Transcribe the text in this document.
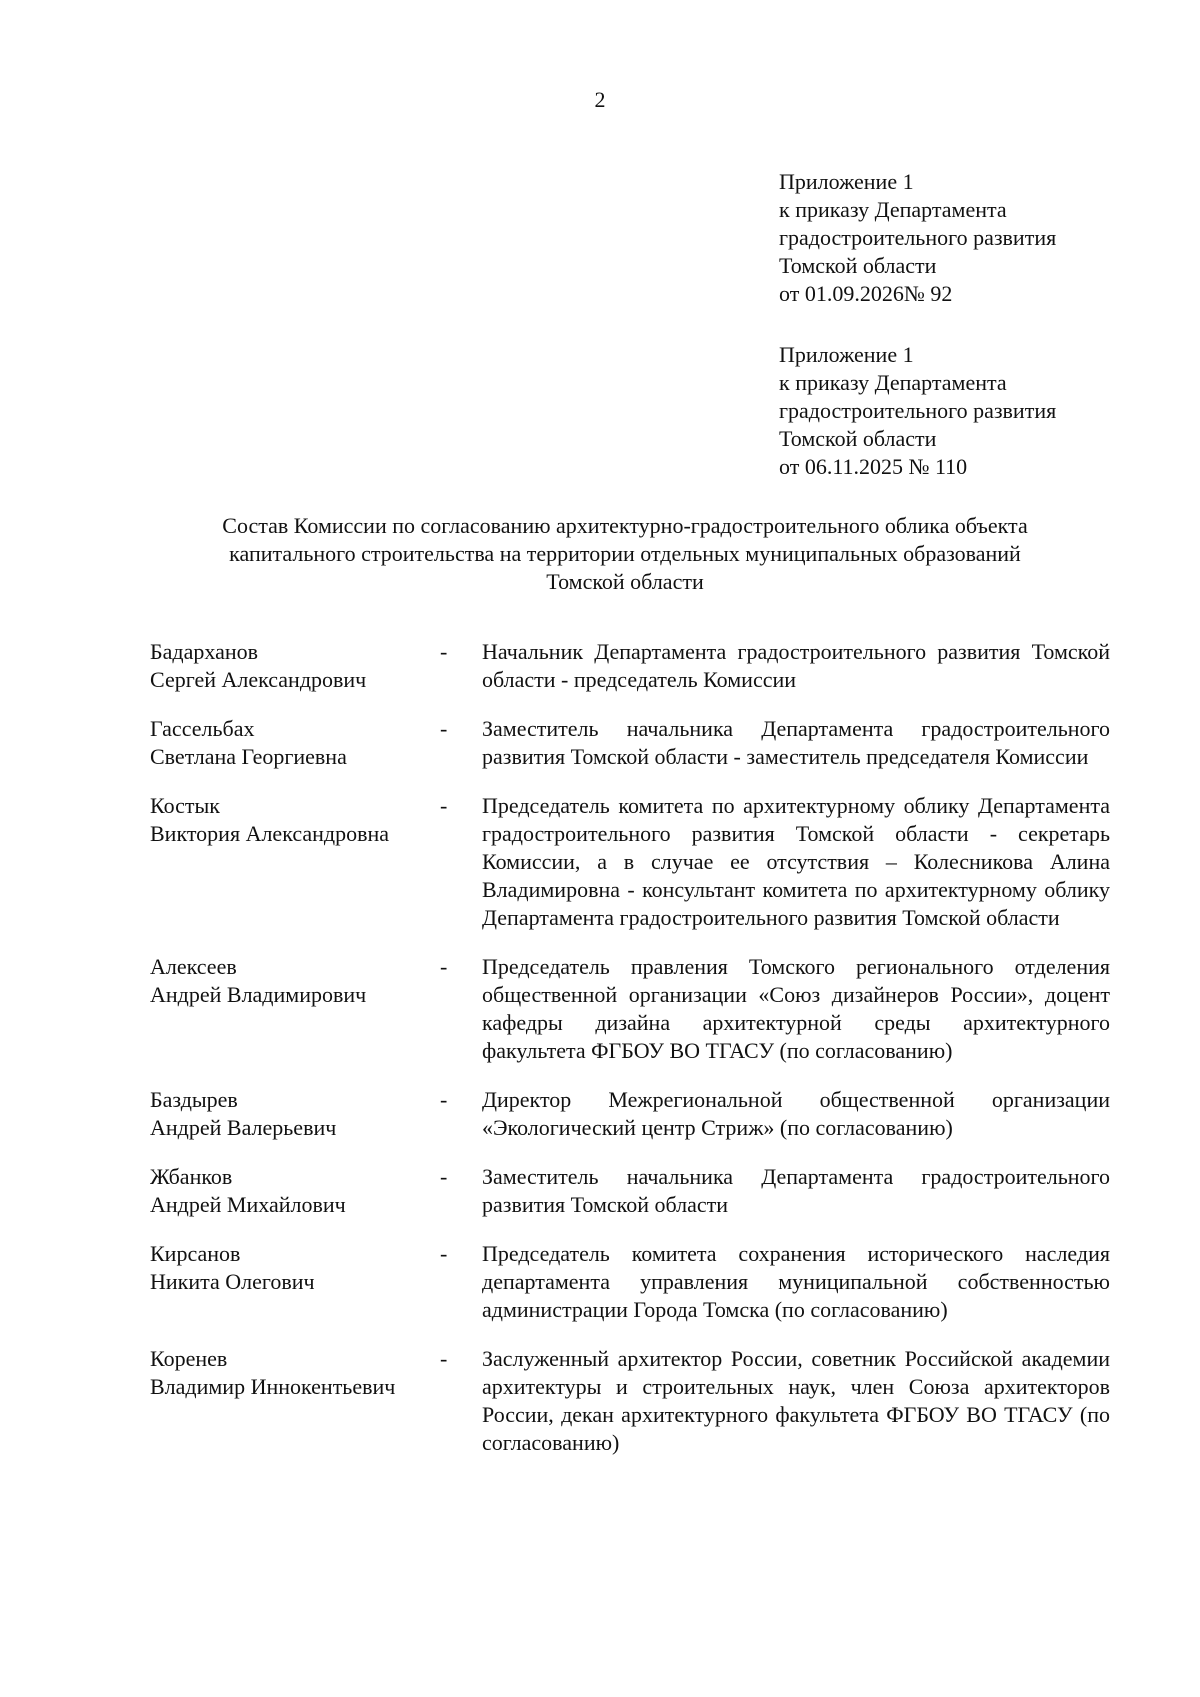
2
Приложение 1
к приказу Департамента
градостроительного развития
Томской области
от 01.09.2026№ 92
Приложение 1
к приказу Департамента
градостроительного развития
Томской области
от 06.11.2025 № 110
Состав Комиссии по согласованию архитектурно-градостроительного облика объекта
капитального строительства на территории отдельных муниципальных образований
Томской области
Бадарханов
Сергей Александрович
-	Начальник Департамента градостроительного развития Томской области - председатель Комиссии
Гассельбах
Светлана Георгиевна
-	Заместитель начальника Департамента градостроительного развития Томской области - заместитель председателя Комиссии
Костык
Виктория Александровна
-	Председатель комитета по архитектурному облику Департамента градостроительного развития Томской области - секретарь Комиссии, а в случае ее отсутствия – Колесникова Алина Владимировна - консультант комитета по архитектурному облику Департамента градостроительного развития Томской области
Алексеев
Андрей Владимирович
-	Председатель правления Томского регионального отделения общественной организации «Союз дизайнеров России», доцент кафедры дизайна архитектурной среды архитектурного факультета ФГБОУ ВО ТГАСУ (по согласованию)
Баздырев
Андрей Валерьевич
-	Директор Межрегиональной общественной организации «Экологический центр Стриж» (по согласованию)
Жбанков
Андрей Михайлович
-	Заместитель начальника Департамента градостроительного развития Томской области
Кирсанов
Никита Олегович
-	Председатель комитета сохранения исторического наследия департамента управления муниципальной собственностью администрации Города Томска (по согласованию)
Коренев
Владимир Иннокентьевич
-	Заслуженный архитектор России, советник Российской академии архитектуры и строительных наук, член Союза архитекторов России, декан архитектурного факультета ФГБОУ ВО ТГАСУ (по согласованию)
